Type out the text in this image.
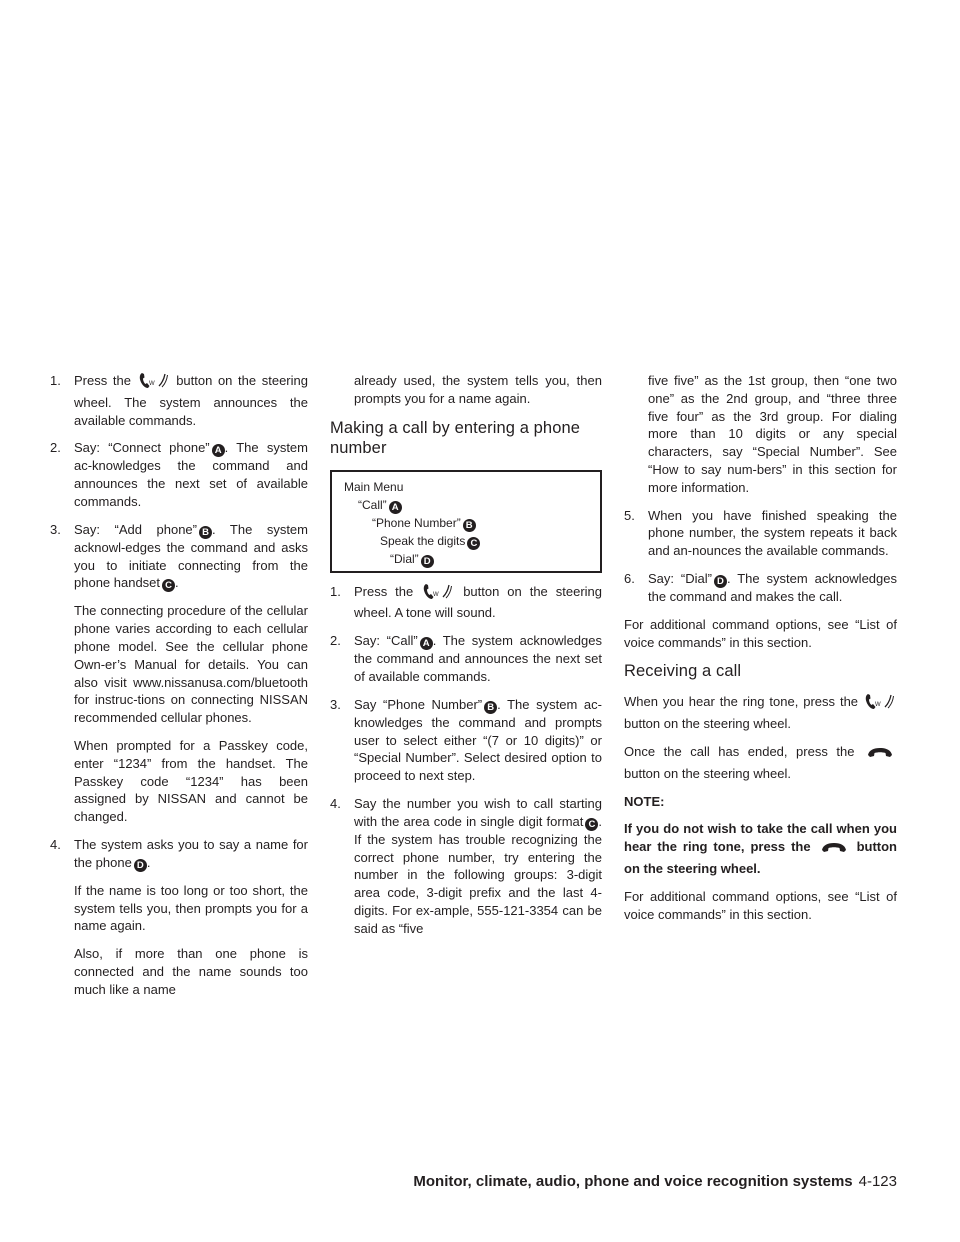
1. Press the	W button on the steering wheel. The system announces the available commands.
2. Say: “Connect phone” A . The system ac-knowledges the command and announces the next set of available commands.
3. Say: “Add phone” B . The system acknowl-edges the command and asks you to initiate connecting from the phone handset C .

The connecting procedure of the cellular phone varies according to each cellular phone model. See the cellular phone Own-er’s Manual for details. You can also visit www.nissanusa.com/bluetooth for instruc-tions on connecting NISSAN recommended cellular phones.

When prompted for a Passkey code, enter “1234” from the handset. The Passkey code “1234” has been assigned by NISSAN and cannot be changed.

4. The system asks you to say a name for the phone D .

If the name is too long or too short, the system tells you, then prompts you for a name again.

Also, if more than one phone is connected and the name sounds too much like a name

already used, the system tells you, then prompts you for a name again.

Making a call by entering a phone number
Main Menu
“Call” A
“Phone Number” B
Speak the digits C
“Dial” D
1. Press the	W button on the steering wheel. A tone will sound.
2. Say: “Call” A . The system acknowledges the command and announces the next set of available commands.
3. Say “Phone Number” B . The system ac-knowledges the command and prompts user to select either “(7 or 10 digits)” or “Special Number”. Select desired option to proceed to next step.
4. Say the number you wish to call starting with the area code in single digit format C . If the system has trouble recognizing the correct phone number, try entering the number in the following groups: 3-digit area code, 3-digit prefix and the last 4-digits. For ex-ample, 555-121-3354 can be said as “five

five five” as the 1st group, then “one two one” as the 2nd group, and “three three five four” as the 3rd group. For dialing more than 10 digits or any special characters, say “Special Number”. See “How to say num-bers” in this section for more information.

5. When you have finished speaking the phone number, the system repeats it back and an-nounces the available commands.
6. Say: “Dial” D . The system acknowledges the command and makes the call.

For additional command options, see “List of voice commands” in this section.

Receiving a call

When you hear the ring tone, press the	W
button on the steering wheel.

Once the call has ended, press the  button on the steering wheel.

NOTE:

If you do not wish to take the call when you hear the ring tone, press the	button on the steering wheel.

For additional command options, see “List of voice commands” in this section.

Monitor, climate, audio, phone and voice recognition systems 4-123
